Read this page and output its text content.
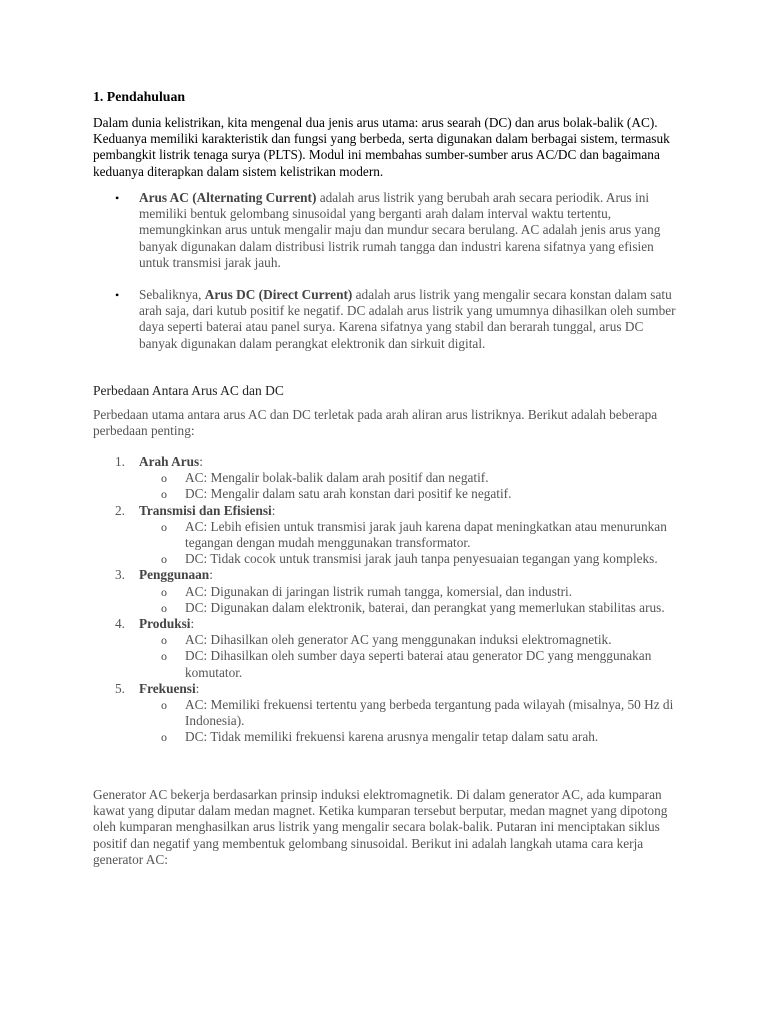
1. Pendahuluan
Dalam dunia kelistrikan, kita mengenal dua jenis arus utama: arus searah (DC) dan arus bolak-balik (AC). Keduanya memiliki karakteristik dan fungsi yang berbeda, serta digunakan dalam berbagai sistem, termasuk pembangkit listrik tenaga surya (PLTS). Modul ini membahas sumber-sumber arus AC/DC dan bagaimana keduanya diterapkan dalam sistem kelistrikan modern.
• Arus AC (Alternating Current) adalah arus listrik yang berubah arah secara periodik. Arus ini memiliki bentuk gelombang sinusoidal yang berganti arah dalam interval waktu tertentu, memungkinkan arus untuk mengalir maju dan mundur secara berulang. AC adalah jenis arus yang banyak digunakan dalam distribusi listrik rumah tangga dan industri karena sifatnya yang efisien untuk transmisi jarak jauh.
• Sebaliknya, Arus DC (Direct Current) adalah arus listrik yang mengalir secara konstan dalam satu arah saja, dari kutub positif ke negatif. DC adalah arus listrik yang umumnya dihasilkan oleh sumber daya seperti baterai atau panel surya. Karena sifatnya yang stabil dan berarah tunggal, arus DC banyak digunakan dalam perangkat elektronik dan sirkuit digital.
Perbedaan Antara Arus AC dan DC
Perbedaan utama antara arus AC dan DC terletak pada arah aliran arus listriknya. Berikut adalah beberapa perbedaan penting:
1. Arah Arus:
o AC: Mengalir bolak-balik dalam arah positif dan negatif.
o DC: Mengalir dalam satu arah konstan dari positif ke negatif.
2. Transmisi dan Efisiensi:
o AC: Lebih efisien untuk transmisi jarak jauh karena dapat meningkatkan atau menurunkan tegangan dengan mudah menggunakan transformator.
o DC: Tidak cocok untuk transmisi jarak jauh tanpa penyesuaian tegangan yang kompleks.
3. Penggunaan:
o AC: Digunakan di jaringan listrik rumah tangga, komersial, dan industri.
o DC: Digunakan dalam elektronik, baterai, dan perangkat yang memerlukan stabilitas arus.
4. Produksi:
o AC: Dihasilkan oleh generator AC yang menggunakan induksi elektromagnetik.
o DC: Dihasilkan oleh sumber daya seperti baterai atau generator DC yang menggunakan komutator.
5. Frekuensi:
o AC: Memiliki frekuensi tertentu yang berbeda tergantung pada wilayah (misalnya, 50 Hz di Indonesia).
o DC: Tidak memiliki frekuensi karena arusnya mengalir tetap dalam satu arah.
Generator AC bekerja berdasarkan prinsip induksi elektromagnetik. Di dalam generator AC, ada kumparan kawat yang diputar dalam medan magnet. Ketika kumparan tersebut berputar, medan magnet yang dipotong oleh kumparan menghasilkan arus listrik yang mengalir secara bolak-balik. Putaran ini menciptakan siklus positif dan negatif yang membentuk gelombang sinusoidal. Berikut ini adalah langkah utama cara kerja generator AC:
